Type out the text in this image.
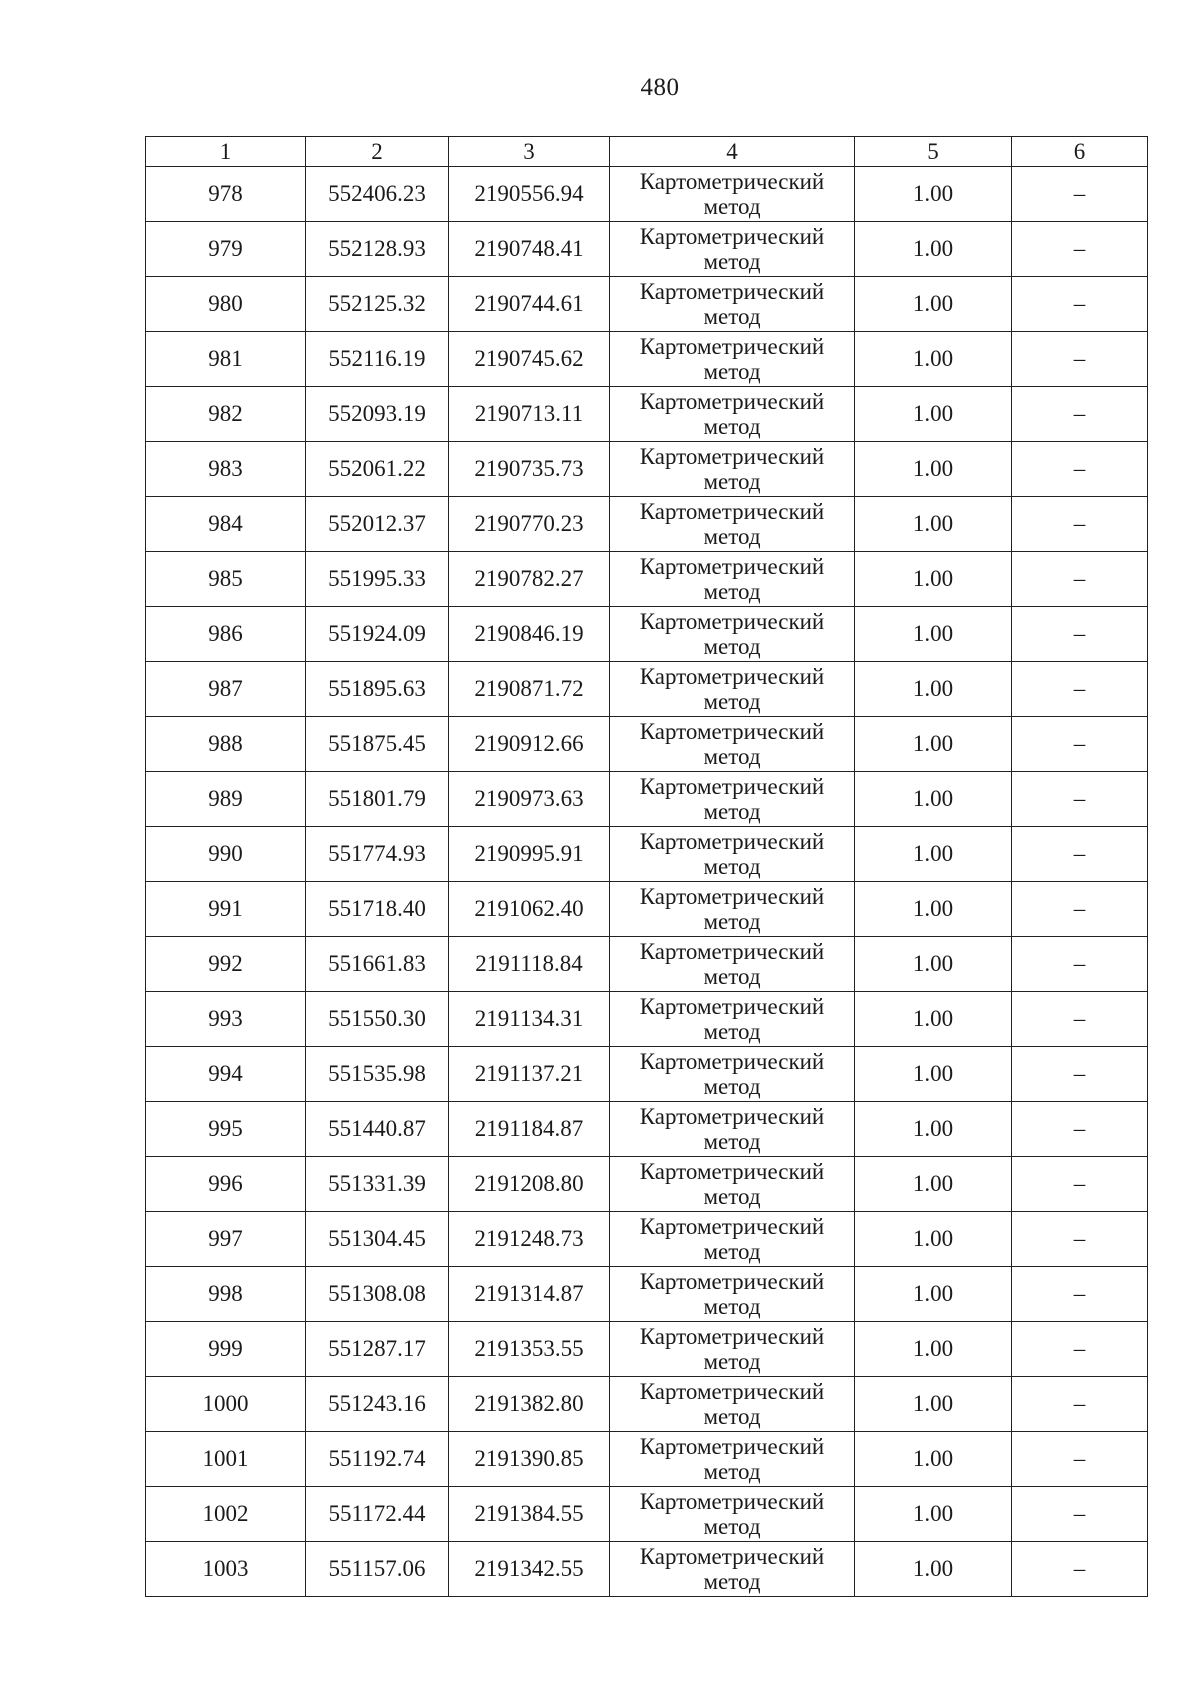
480
1	2	3	4	5	6
978	552406.23	2190556.94	Картометрический метод	1.00	–
979	552128.93	2190748.41	Картометрический метод	1.00	–
980	552125.32	2190744.61	Картометрический метод	1.00	–
981	552116.19	2190745.62	Картометрический метод	1.00	–
982	552093.19	2190713.11	Картометрический метод	1.00	–
983	552061.22	2190735.73	Картометрический метод	1.00	–
984	552012.37	2190770.23	Картометрический метод	1.00	–
985	551995.33	2190782.27	Картометрический метод	1.00	–
986	551924.09	2190846.19	Картометрический метод	1.00	–
987	551895.63	2190871.72	Картометрический метод	1.00	–
988	551875.45	2190912.66	Картометрический метод	1.00	–
989	551801.79	2190973.63	Картометрический метод	1.00	–
990	551774.93	2190995.91	Картометрический метод	1.00	–
991	551718.40	2191062.40	Картометрический метод	1.00	–
992	551661.83	2191118.84	Картометрический метод	1.00	–
993	551550.30	2191134.31	Картометрический метод	1.00	–
994	551535.98	2191137.21	Картометрический метод	1.00	–
995	551440.87	2191184.87	Картометрический метод	1.00	–
996	551331.39	2191208.80	Картометрический метод	1.00	–
997	551304.45	2191248.73	Картометрический метод	1.00	–
998	551308.08	2191314.87	Картометрический метод	1.00	–
999	551287.17	2191353.55	Картометрический метод	1.00	–
1000	551243.16	2191382.80	Картометрический метод	1.00	–
1001	551192.74	2191390.85	Картометрический метод	1.00	–
1002	551172.44	2191384.55	Картометрический метод	1.00	–
1003	551157.06	2191342.55	Картометрический метод	1.00	–
